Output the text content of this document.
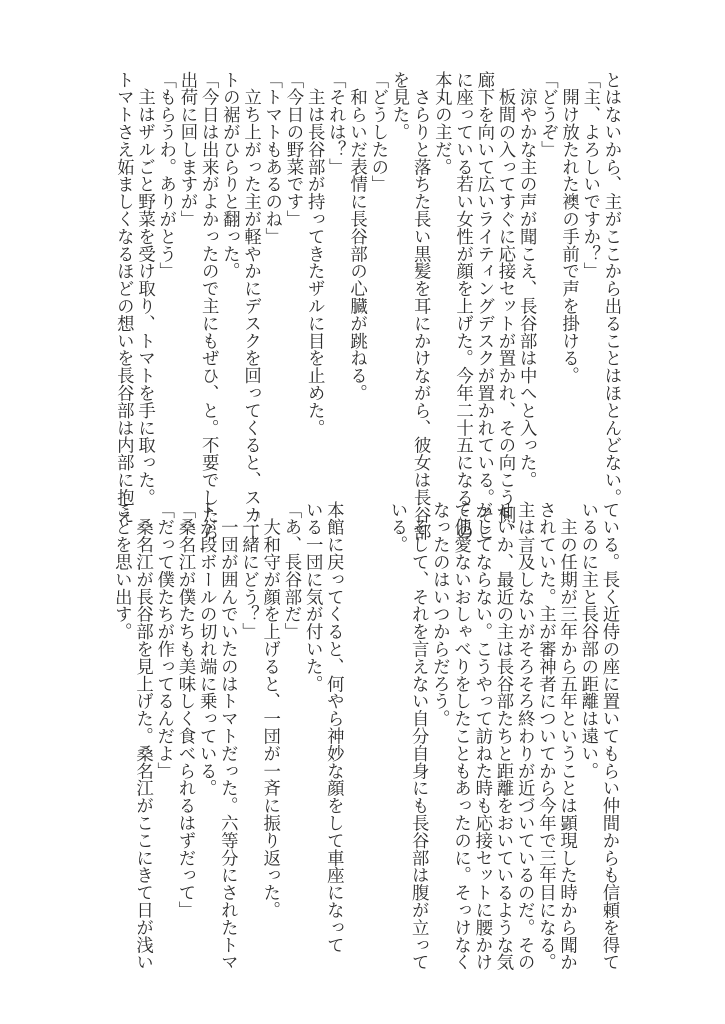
とはないから、主がここから出ることはほとんどない。
「主、よろしいですか？」
　開け放たれた襖の手前で声を掛ける。
「どうぞ」
　涼やかな主の声が聞こえ、長谷部は中へと入った。
　板間の入ってすぐに応接セットが置かれ、その向こう側、
廊下を向いて広いライティングデスクが置かれている。そこ
に座っている若い女性が顔を上げた。今年二十五になるこの
本丸の主だ。
　さらりと落ちた長い黒髪を耳にかけながら、彼女は長谷部
を見た。
「どうしたの」
　和らいだ表情に長谷部の心臓が跳ねる。
「それは？」
　主は長谷部が持ってきたザルに目を止めた。
「今日の野菜です」
「トマトもあるのね」
　立ち上がった主が軽やかにデスクを回ってくると、スカー
トの裾がひらりと翻った。
「今日は出来がよかったので主にもぜひ、と。不要でしたら
出荷に回しますが」
「もらうわ。ありがとう」
　主はザルごと野菜を受け取り、トマトを手に取った。
トマトさえ妬ましくなるほどの想いを長谷部は内部に抱え
ている。長く近侍の座に置いてもらい仲間からも信頼を得て
いるのに主と長谷部の距離は遠い。
　主の任期が三年から五年ということは顕現した時から聞か
されていた。主が審神者についてから今年で三年目になる。
主は言及しないがそろそろ終わりが近づいているのだ。その
せいか、最近の主は長谷部たちと距離をおいているような気
がしてならない。こうやって訪ねた時も応接セットに腰かけ
て他愛ないおしゃべりをしたこともあったのに。そっけなく
なったのはいつからだろう。
　そして、それを言えない自分自身にも長谷部は腹が立って
いる。
本館に戻ってくると、何やら神妙な顔をして車座になって
いる一団に気が付いた。
「あ、長谷部だ」
　大和守が顔を上げると、一団が一斉に振り返った。
「一緒にどう？」
　一団が囲んでいたのはトマトだった。六等分にされたトマ
トが段ボールの切れ端に乗っている。
「桑名江が僕たちも美味しく食べられるはずだって」
「だって僕たちが作ってるんだよ」
　桑名江が長谷部を見上げた。桑名江がここにきて日が浅い
ことを思い出す。
